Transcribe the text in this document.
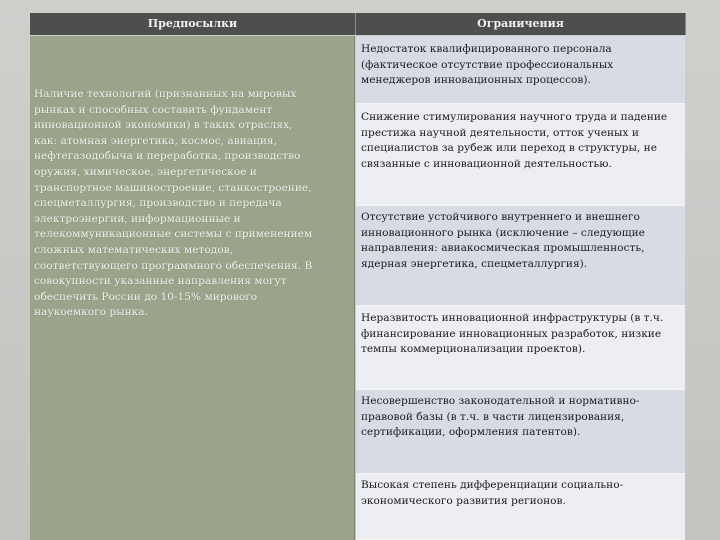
Предпосылки	Ограничения
Наличие технологий (признанных на мировых
рынках и способных составить фундамент
инновационной экономики) в таких отраслях,
как: атомная энергетика, космос, авиация,
нефтегазодобыча и переработка, производство
оружия, химическое, энергетическое и
транспортное машиностроение, станкостроение,
спецметаллургия, производство и передача
электроэнергии, информационные и
телекоммуникационные системы с применением
сложных математических методов,
соответствующего программного обеспечения. В
совокупности указанные направления могут
обеспечить России до 10-15% мирового
наукоемкого рынка.
Недостаток квалифицированного персонала
(фактическое отсутствие профессиональных
менеджеров инновационных процессов).
Снижение стимулирования научного труда и падение
престижа научной деятельности, отток ученых и
специалистов за рубеж или переход в структуры, не
связанные с инновационной деятельностью.
Отсутствие устойчивого внутреннего и внешнего
инновационного рынка (исключение – следующие
направления: авиакосмическая промышленность,
ядерная энергетика, спецметаллургия).
Неразвитость инновационной инфраструктуры (в т.ч.
финансирование инновационных разработок, низкие
темпы коммерционализации проектов).
Несовершенство законодательной и нормативно-
правовой базы (в т.ч. в части лицензирования,
сертификации, оформления патентов).
Высокая степень дифференциации социально-
экономического развития регионов.
